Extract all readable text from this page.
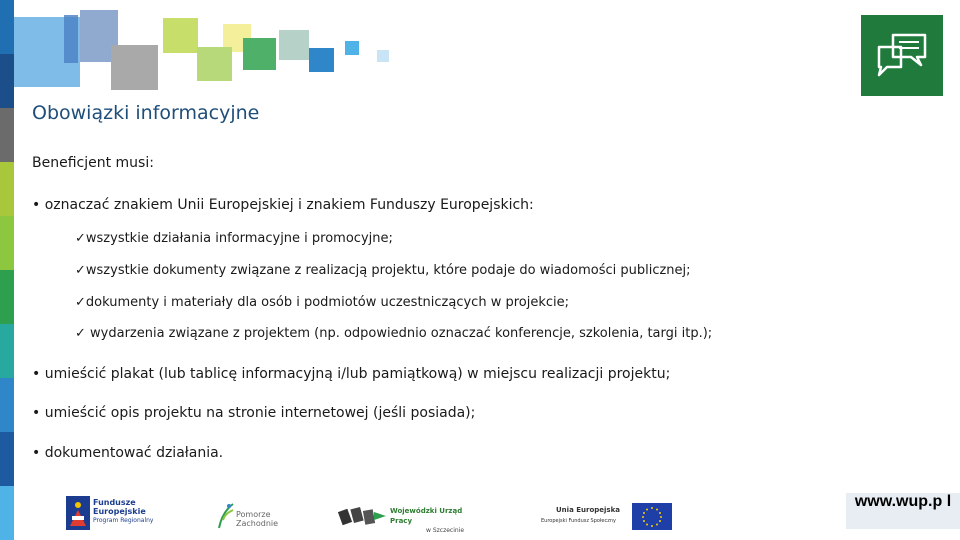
Obowiązki informacyjne
Beneficjent musi:
• oznaczać znakiem Unii Europejskiej i znakiem Funduszy Europejskich:
✓wszystkie działania informacyjne i promocyjne;
✓wszystkie dokumenty związane z realizacją projektu, które podaje do wiadomości publicznej;
✓dokumenty i materiały dla osób i podmiotów uczestniczących w projekcie;
✓ wydarzenia związane z projektem (np. odpowiednio oznaczać konferencje, szkolenia, targi itp.);
• umieścić plakat (lub tablicę informacyjną i/lub pamiątkową) w miejscu realizacji projektu;
• umieścić opis projektu na stronie internetowej (jeśli posiada);
• dokumentować działania.
Fundusze
Europejskie
Program Regionalny
Pomorze
Zachodnie
Wojewódzki Urząd Pracy
w Szczecinie
Unia Europejska
Europejski Fundusz Społeczny
www.wup.p l
